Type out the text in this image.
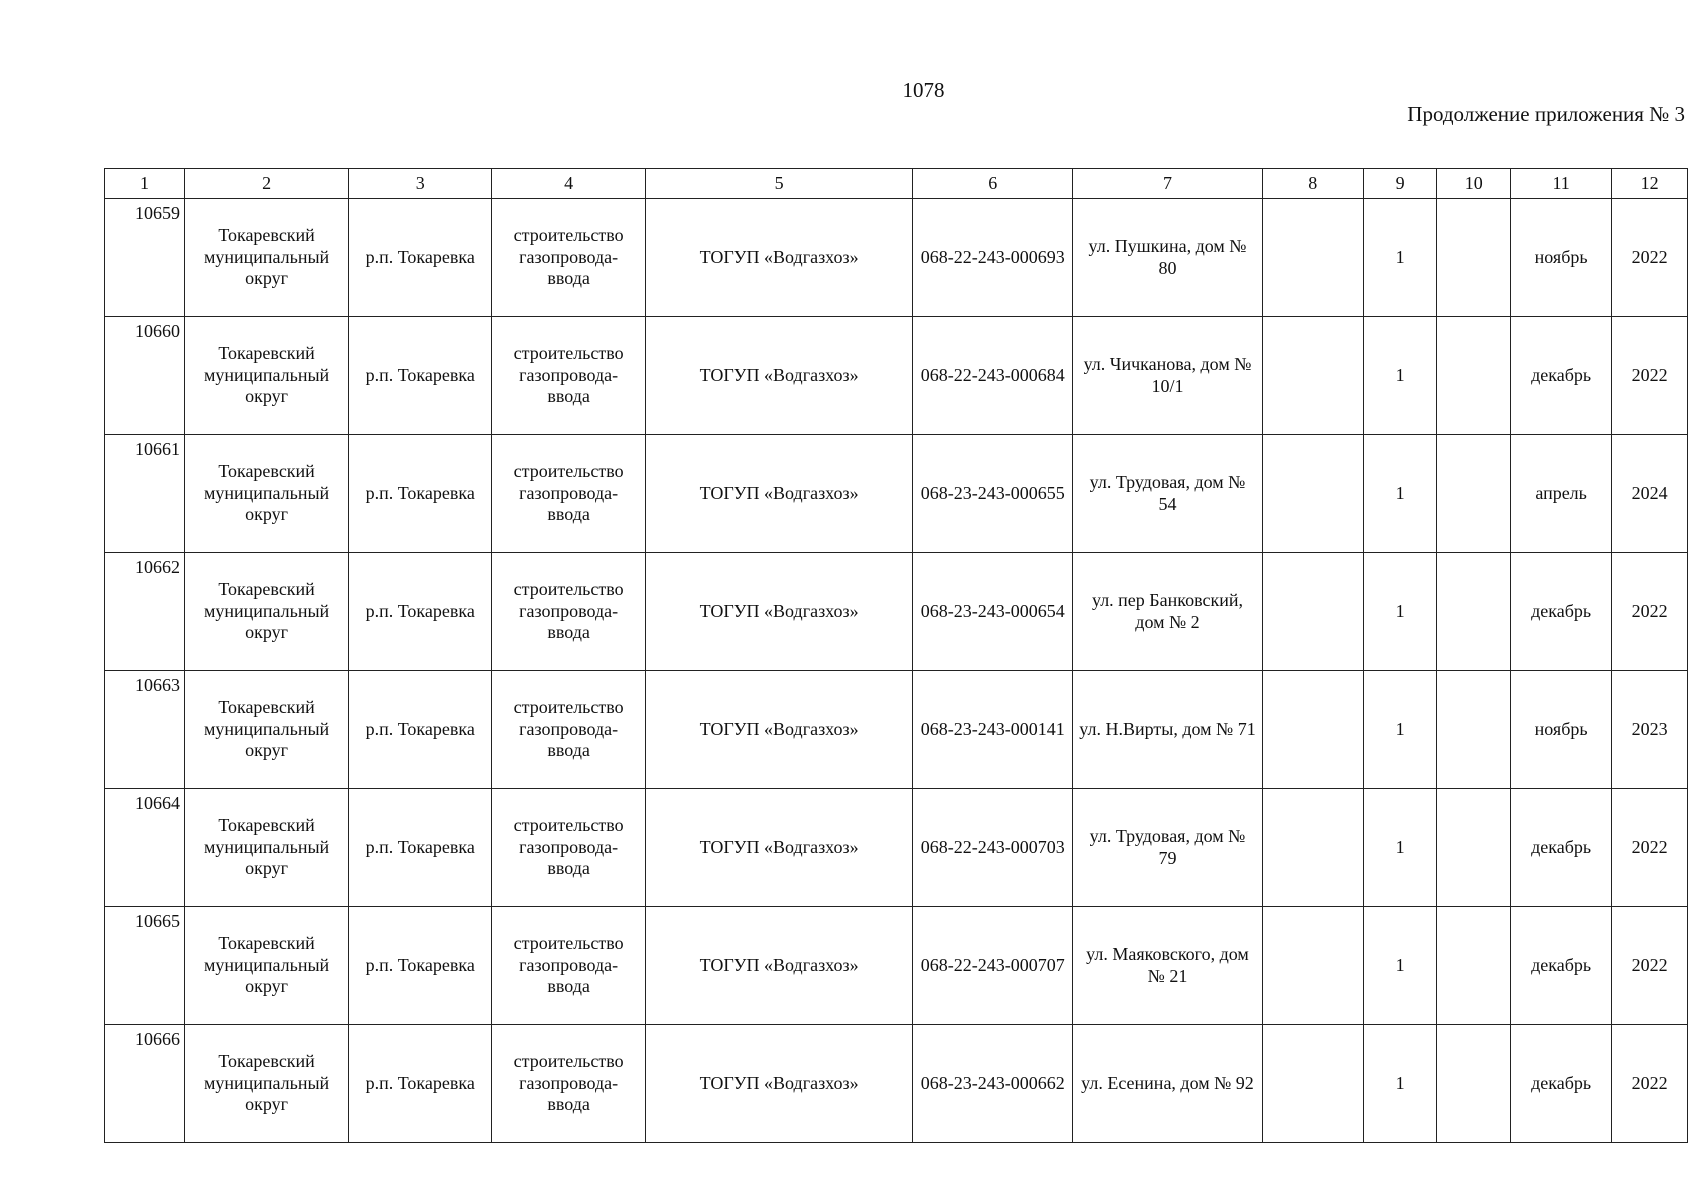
1078
Продолжение приложения № 3
1	2	3	4	5	6	7	8	9	10	11	12
10659	Токаревский муниципальный округ	р.п. Токаревка	строительство газопровода-ввода	ТОГУП «Водгазхоз»	068-22-243-000693	ул. Пушкина, дом № 80		1		ноябрь	2022
10660	Токаревский муниципальный округ	р.п. Токаревка	строительство газопровода-ввода	ТОГУП «Водгазхоз»	068-22-243-000684	ул. Чичканова, дом № 10/1		1		декабрь	2022
10661	Токаревский муниципальный округ	р.п. Токаревка	строительство газопровода-ввода	ТОГУП «Водгазхоз»	068-23-243-000655	ул. Трудовая, дом № 54		1		апрель	2024
10662	Токаревский муниципальный округ	р.п. Токаревка	строительство газопровода-ввода	ТОГУП «Водгазхоз»	068-23-243-000654	ул. пер Банковский, дом № 2		1		декабрь	2022
10663	Токаревский муниципальный округ	р.п. Токаревка	строительство газопровода-ввода	ТОГУП «Водгазхоз»	068-23-243-000141	ул. Н.Вирты, дом № 71		1		ноябрь	2023
10664	Токаревский муниципальный округ	р.п. Токаревка	строительство газопровода-ввода	ТОГУП «Водгазхоз»	068-22-243-000703	ул. Трудовая, дом № 79		1		декабрь	2022
10665	Токаревский муниципальный округ	р.п. Токаревка	строительство газопровода-ввода	ТОГУП «Водгазхоз»	068-22-243-000707	ул. Маяковского, дом № 21		1		декабрь	2022
10666	Токаревский муниципальный округ	р.п. Токаревка	строительство газопровода-ввода	ТОГУП «Водгазхоз»	068-23-243-000662	ул. Есенина, дом № 92		1		декабрь	2022
